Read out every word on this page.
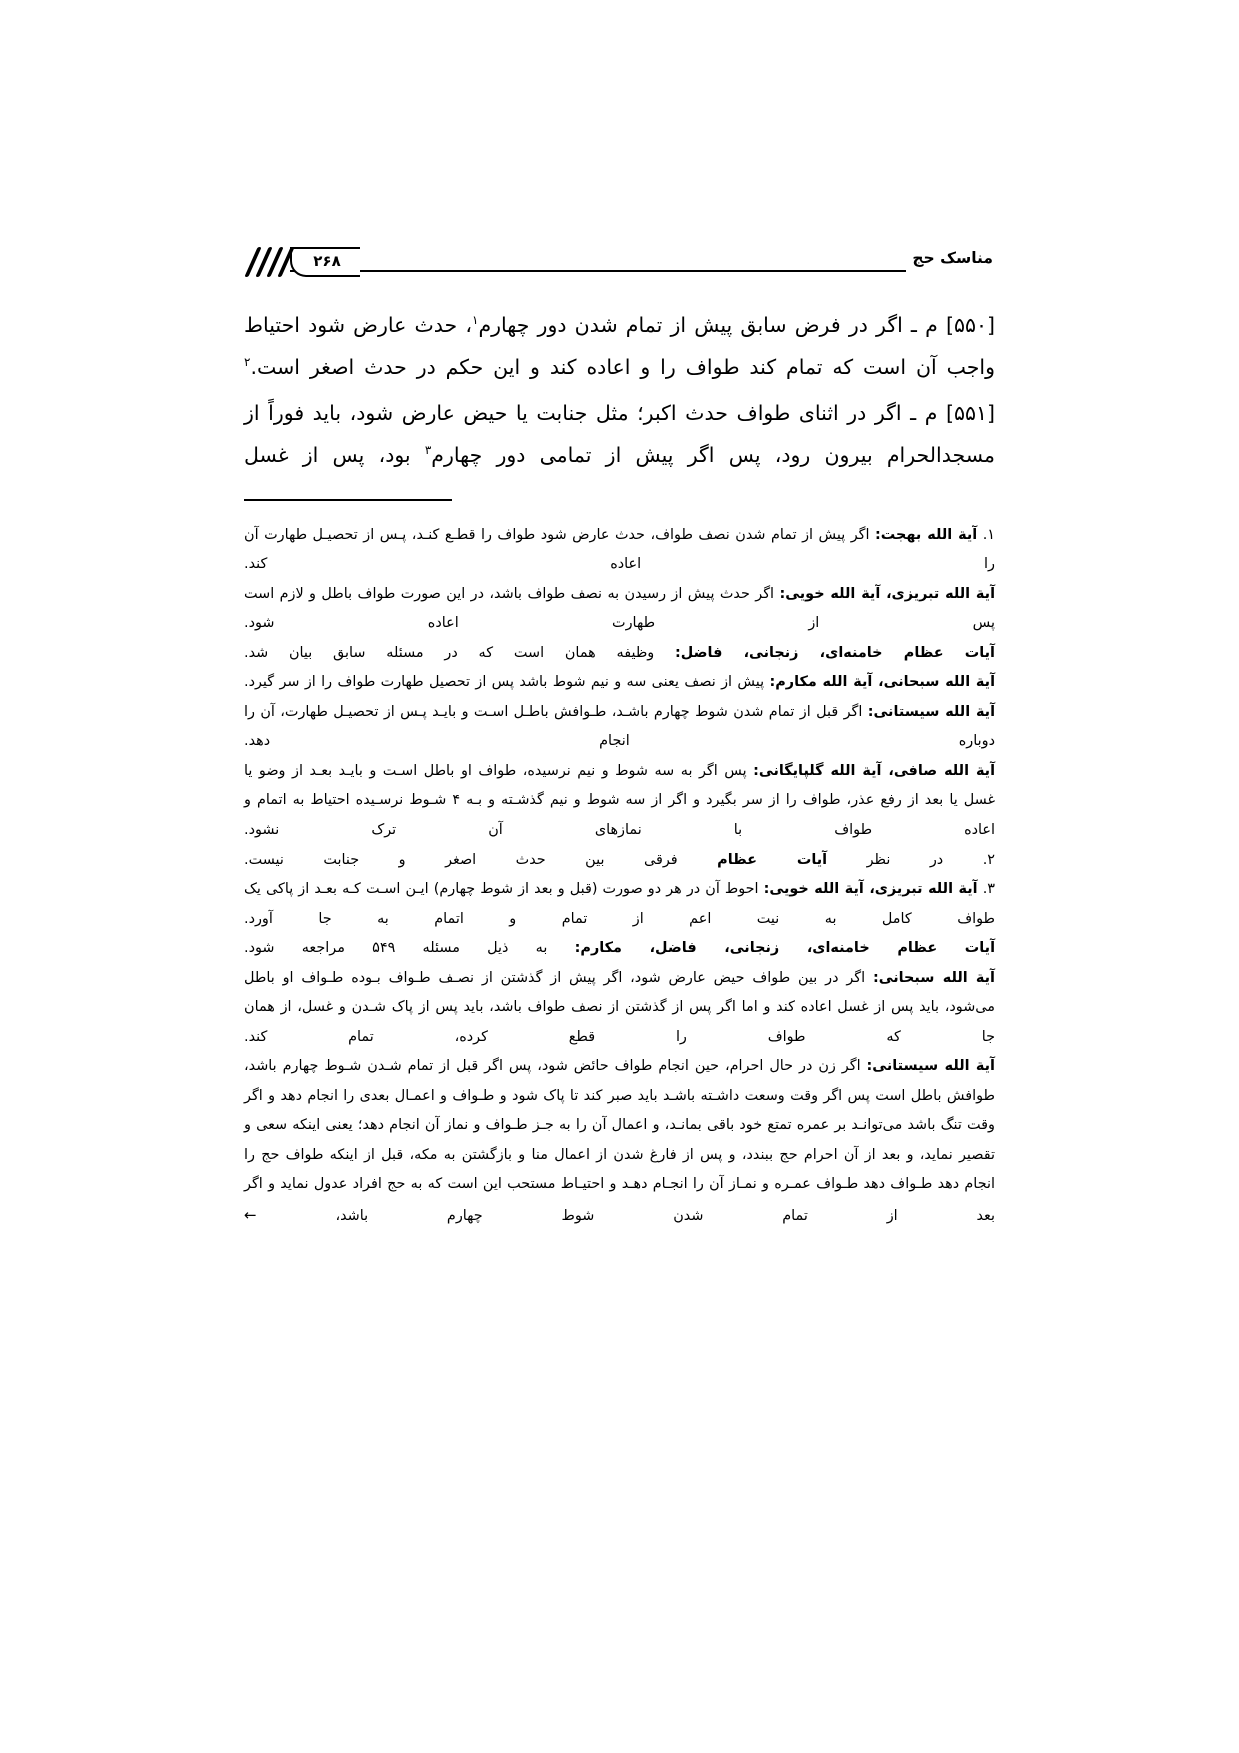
مناسک حج
۲۶۸

[۵۵۰] م ـ اگر در فرض سابق پیش از تمام شدن دور چهارم$^١$، حدث عارض شود احتیاط واجب آن است که تمام کند طواف را و اعاده کند و این حکم در حدث اصغر است.$^٢$

[۵۵۱] م ـ اگر در اثنای طواف حدث اکبر؛ مثل جنابت یا حیض عارض شود، باید فوراً از مسجدالحرام بیرون رود، پس اگر پیش از تمامی دور چهارم$^٣$ بود، پس از غسل

١. آیة الله بهجت: اگر پیش از تمام شدن نصف طواف، حدث عارض شود طواف را قطـع کنـد، پـس از تحصیـل طهارت آن را اعاده کند.
آیة الله تبریزی، آیة الله خویی: اگر حدث پیش از رسیدن به نصف طواف باشد، در این صورت طواف باطل و لازم است پس از طهارت اعاده شود.
آیات عظام خامنه‌ای، زنجانی، فاضل: وظیفه همان است که در مسئله سابق بیان شد.
آیة الله سبحانی، آیة الله مکارم: پیش از نصف یعنی سه و نیم شوط باشد پس از تحصیل طهارت طواف را از سر گیرد.
آیة الله سیستانی: اگر قبل از تمام شدن شوط چهارم باشـد، طـوافش باطـل اسـت و بایـد پـس از تحصیـل طهارت، آن را دوباره انجام دهد.
آیة الله صافی، آیة الله گلپایگانی: پس اگر به سه شوط و نیم نرسیده، طواف او باطل اسـت و بایـد بعـد از وضو یا غسل یا بعد از رفع عذر، طواف را از سر بگیرد و اگر از سه شوط و نیم گذشـته و بـه ۴ شـوط نرسـیده احتیاط به اتمام و اعاده طواف با نمازهای آن ترک نشود.
٢. در نظر آیات عظام فرقی بین حدث اصغر و جنابت نیست.
٣. آیة الله تبریزی، آیة الله خویی: احوط آن در هر دو صورت (قبل و بعد از شوط چهارم) ایـن اسـت کـه بعـد از پاکی یک طواف کامل به نیت اعم از تمام و اتمام به جا آورد.
آیات عظام خامنه‌ای، زنجانی، فاضل، مکارم: به ذیل مسئله ۵۴۹ مراجعه شود.
آیة الله سبحانی: اگر در بین طواف حیض عارض شود، اگر پیش از گذشتن از نصـف طـواف بـوده طـواف او باطل می‌شود، باید پس از غسل اعاده کند و اما اگر پس از گذشتن از نصف طواف باشد، باید پس از پاک شـدن و غسل، از همان جا که طواف را قطع کرده، تمام کند.
آیة الله سیستانی: اگر زن در حال احرام، حین انجام طواف حائض شود، پس اگر قبل از تمام شـدن شـوط چهارم باشد، طوافش باطل است پس اگر وقت وسعت داشـته باشـد باید صبر کند تا پاک شود و طـواف و اعمـال بعدی را انجام دهد و اگر وقت تنگ باشد می‌توانـد بر عمره تمتع خود باقی بمانـد، و اعمال آن را به جـز طـواف و نماز آن انجام دهد؛ یعنی اینکه سعی و تقصیر نماید، و بعد از آن احرام حج ببندد، و پس از فارغ شدن از اعمال منا و بازگشتن به مکه، قبل از اینکه طواف حج را انجام دهد طـواف دهد طـواف عمـره و نمـاز آن را انجـام دهـد و احتیـاط مستحب این است که به حج افراد عدول نماید و اگر بعد از تمام شدن شوط چهارم باشد، ←
